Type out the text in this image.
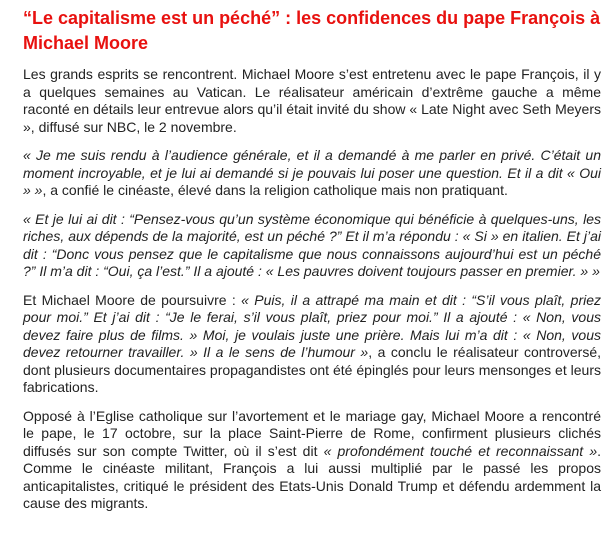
“Le capitalisme est un péché” : les confidences du pape François à Michael Moore

Les grands esprits se rencontrent. Michael Moore s’est entretenu avec le pape François, il y a quelques semaines au Vatican. Le réalisateur américain d’extrême gauche a même raconté en détails leur entrevue alors qu’il était invité du show « Late Night avec Seth Meyers », diffusé sur NBC, le 2 novembre.

« Je me suis rendu à l’audience générale, et il a demandé à me parler en privé. C’était un moment incroyable, et je lui ai demandé si je pouvais lui poser une question. Et il a dit « Oui » », a confié le cinéaste, élevé dans la religion catholique mais non pratiquant.

« Et je lui ai dit : “Pensez-vous qu’un système économique qui bénéficie à quelques-uns, les riches, aux dépends de la majorité, est un péché ?” Et il m’a répondu : « Si » en italien. Et j’ai dit : “Donc vous pensez que le capitalisme que nous connaissons aujourd’hui est un péché ?” Il m’a dit : “Oui, ça l’est.” Il a ajouté : « Les pauvres doivent toujours passer en premier. » »

Et Michael Moore de poursuivre : « Puis, il a attrapé ma main et dit : “S’il vous plaît, priez pour moi.” Et j’ai dit : “Je le ferai, s’il vous plaît, priez pour moi.” Il a ajouté : « Non, vous devez faire plus de films. » Moi, je voulais juste une prière. Mais lui m’a dit : « Non, vous devez retourner travailler. » Il a le sens de l’humour », a conclu le réalisateur controversé, dont plusieurs documentaires propagandistes ont été épinglés pour leurs mensonges et leurs fabrications.

Opposé à l’Eglise catholique sur l’avortement et le mariage gay, Michael Moore a rencontré le pape, le 17 octobre, sur la place Saint-Pierre de Rome, confirment plusieurs clichés diffusés sur son compte Twitter, où il s’est dit « profondément touché et reconnaissant ». Comme le cinéaste militant, François a lui aussi multiplié par le passé les propos anticapitalistes, critiqué le président des Etats-Unis Donald Trump et défendu ardemment la cause des migrants.
